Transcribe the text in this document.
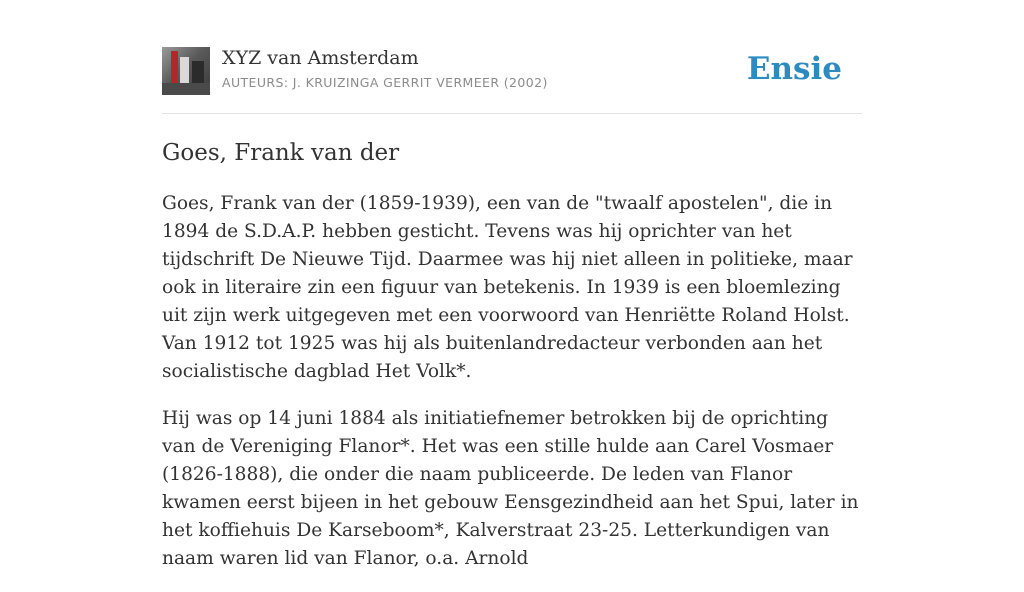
XYZ van Amsterdam
AUTEURS: J. KRUIZINGA GERRIT VERMEER (2002)	Ensie
Goes, Frank van der

Goes, Frank van der (1859-1939), een van de "twaalf apostelen", die in 1894 de S.D.A.P. hebben gesticht. Tevens was hij oprichter van het tijdschrift De Nieuwe Tijd. Daarmee was hij niet alleen in politieke, maar ook in literaire zin een figuur van betekenis. In 1939 is een bloemlezing uit zijn werk uitgegeven met een voorwoord van Henriëtte Roland Holst. Van 1912 tot 1925 was hij als buitenlandredacteur verbonden aan het socialistische dagblad Het Volk*.

Hij was op 14 juni 1884 als initiatiefnemer betrokken bij de oprichting van de Vereniging Flanor*. Het was een stille hulde aan Carel Vosmaer (1826-1888), die onder die naam publiceerde. De leden van Flanor kwamen eerst bijeen in het gebouw Eensgezindheid aan het Spui, later in het koffiehuis De Karseboom*, Kalverstraat 23-25. Letterkundigen van naam waren lid van Flanor, o.a. Arnold
